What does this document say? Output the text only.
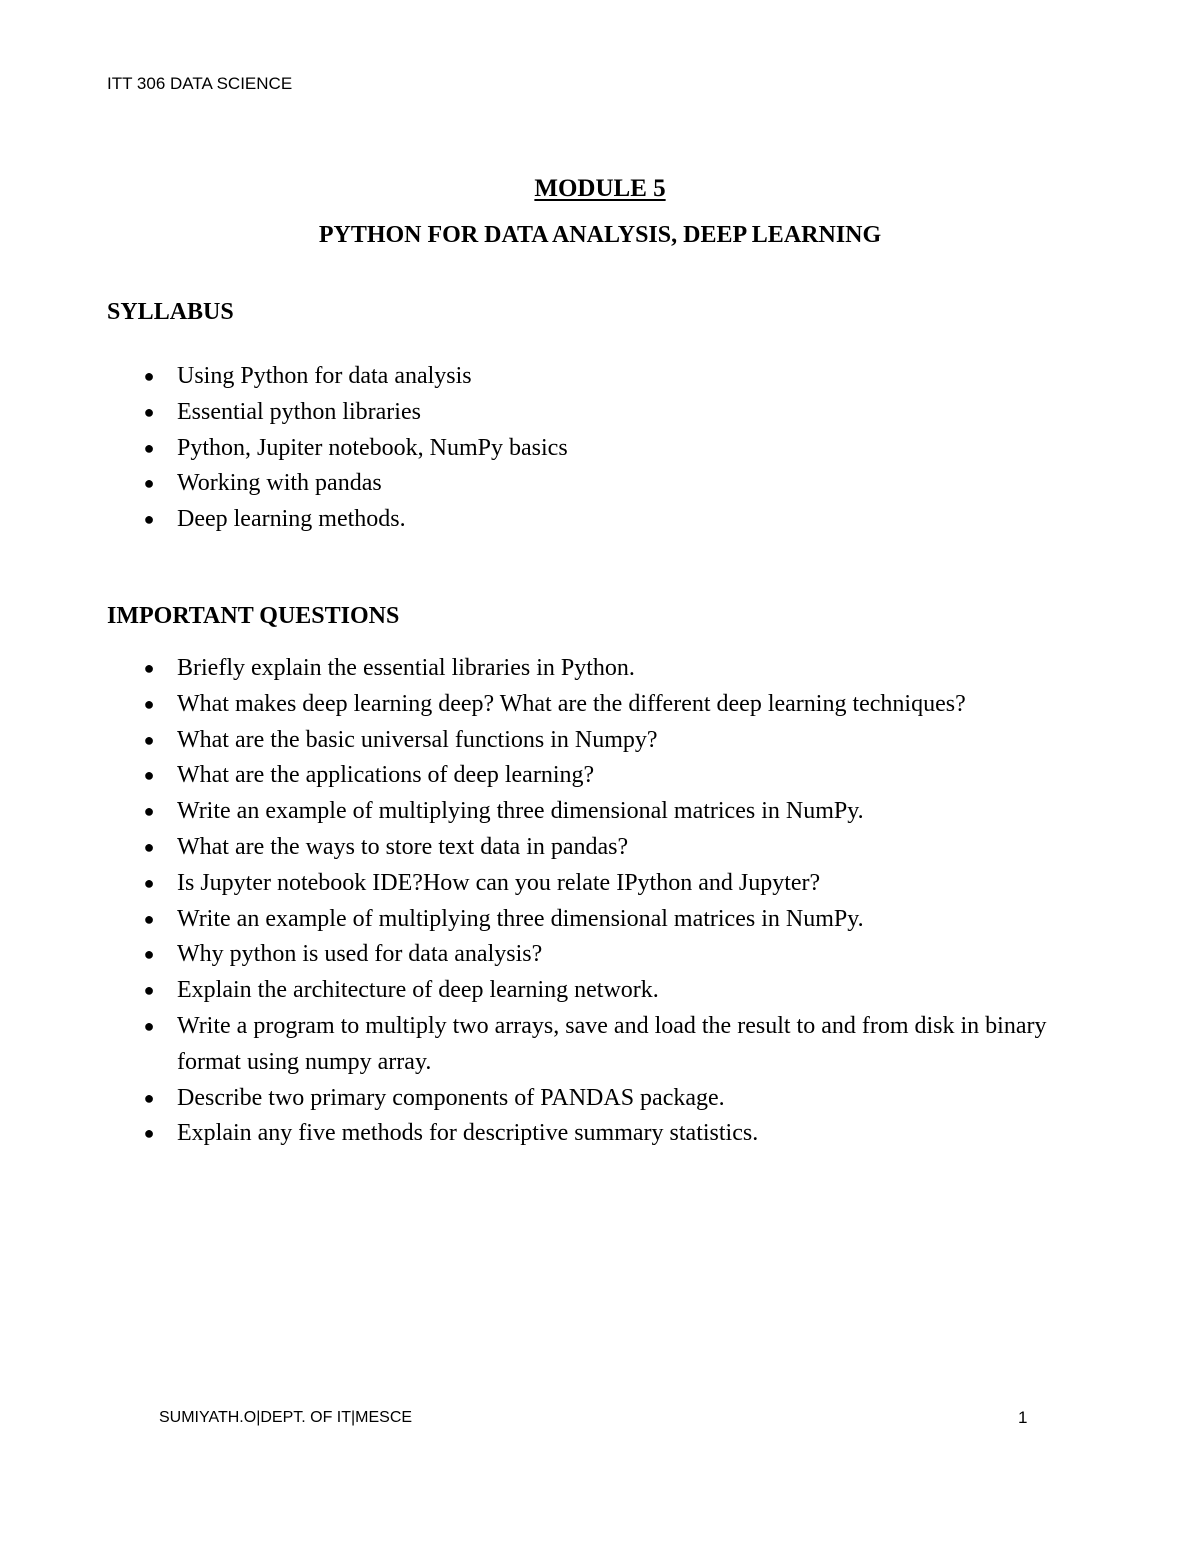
ITT 306 DATA SCIENCE
MODULE 5
PYTHON FOR DATA ANALYSIS, DEEP LEARNING
SYLLABUS
● Using Python for data analysis
● Essential python libraries
● Python, Jupiter notebook, NumPy basics
● Working with pandas
● Deep learning methods.
IMPORTANT QUESTIONS
● Briefly explain the essential libraries in Python.
● What makes deep learning deep? What are the different deep learning techniques?
● What are the basic universal functions in Numpy?
● What are the applications of deep learning?
● Write an example of multiplying three dimensional matrices in NumPy.
● What are the ways to store text data in pandas?
● Is Jupyter notebook IDE?How can you relate IPython and Jupyter?
● Write an example of multiplying three dimensional matrices in NumPy.
● Why python is used for data analysis?
● Explain the architecture of deep learning network.
● Write a program to multiply two arrays, save and load the result to and from disk in binary format using numpy array.
● Describe two primary components of PANDAS package.
● Explain any five methods for descriptive summary statistics.
SUMIYATH.O|DEPT. OF IT|MESCE	1
